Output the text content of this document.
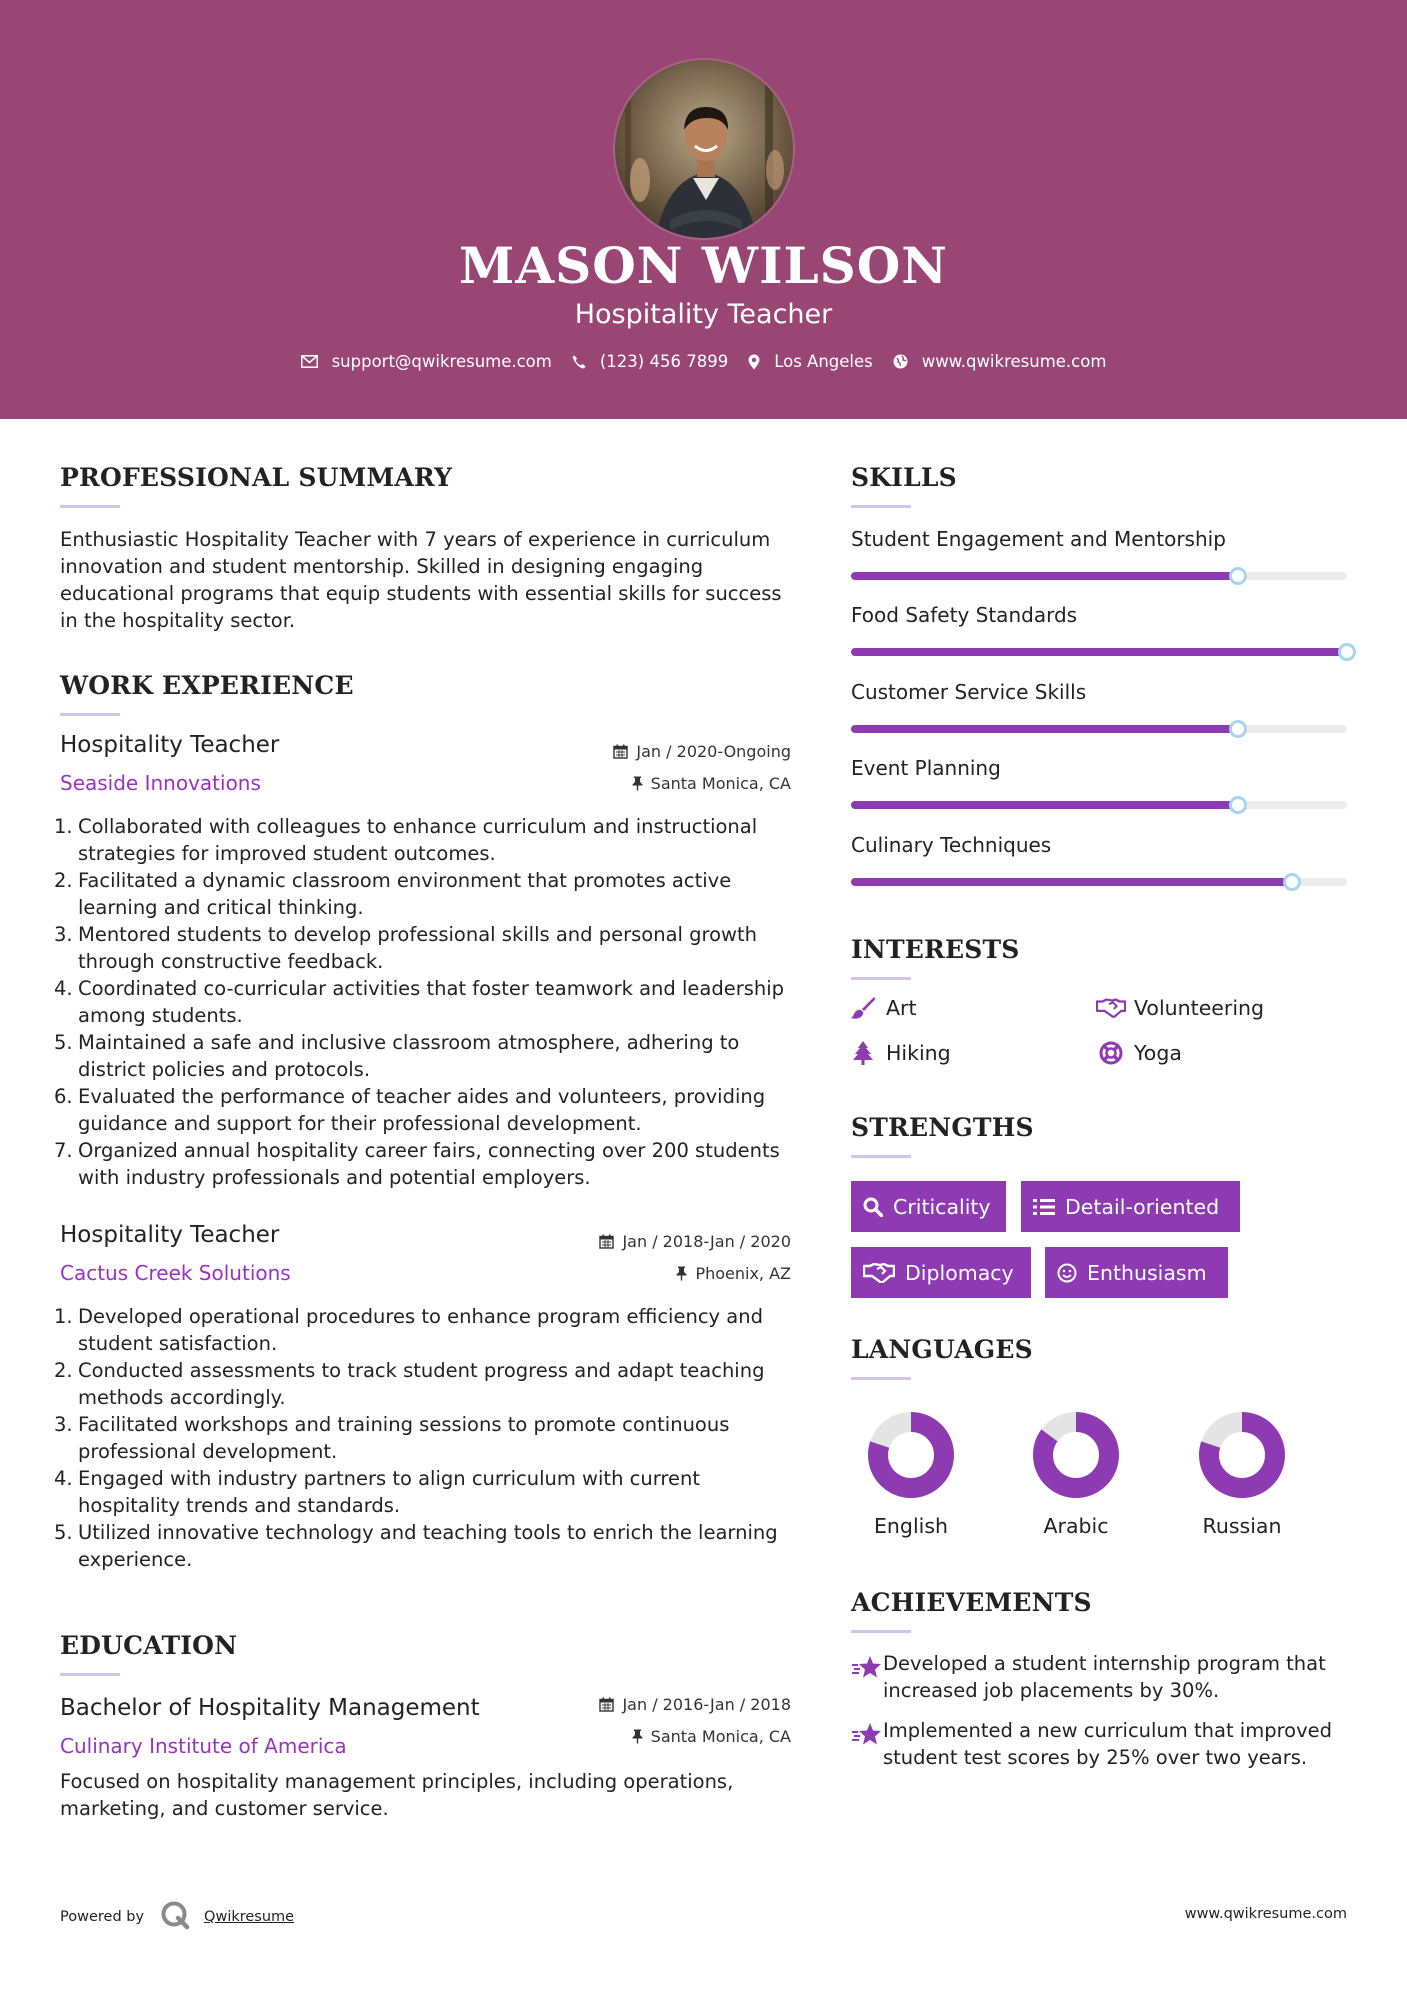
MASON WILSON
Hospitality Teacher
support@qwikresume.com	(123) 456 7899	Los Angeles	www.qwikresume.com
PROFESSIONAL SUMMARY
Enthusiastic Hospitality Teacher with 7 years of experience in curriculum innovation and student mentorship. Skilled in designing engaging educational programs that equip students with essential skills for success in the hospitality sector.
WORK EXPERIENCE
Hospitality Teacher
Seaside Innovations
Jan / 2020-Ongoing
Santa Monica, CA
1. Collaborated with colleagues to enhance curriculum and instructional strategies for improved student outcomes.
2. Facilitated a dynamic classroom environment that promotes active learning and critical thinking.
3. Mentored students to develop professional skills and personal growth through constructive feedback.
4. Coordinated co-curricular activities that foster teamwork and leadership among students.
5. Maintained a safe and inclusive classroom atmosphere, adhering to district policies and protocols.
6. Evaluated the performance of teacher aides and volunteers, providing guidance and support for their professional development.
7. Organized annual hospitality career fairs, connecting over 200 students with industry professionals and potential employers.
Hospitality Teacher
Cactus Creek Solutions
Jan / 2018-Jan / 2020
Phoenix, AZ
1. Developed operational procedures to enhance program efficiency and student satisfaction.
2. Conducted assessments to track student progress and adapt teaching methods accordingly.
3. Facilitated workshops and training sessions to promote continuous professional development.
4. Engaged with industry partners to align curriculum with current hospitality trends and standards.
5. Utilized innovative technology and teaching tools to enrich the learning experience.
EDUCATION
Bachelor of Hospitality Management
Culinary Institute of America
Jan / 2016-Jan / 2018
Santa Monica, CA
Focused on hospitality management principles, including operations, marketing, and customer service.
SKILLS
Student Engagement and Mentorship
Food Safety Standards
Customer Service Skills
Event Planning
Culinary Techniques
INTERESTS
Art	Volunteering
Hiking	Yoga
STRENGTHS
Criticality	Detail-oriented
Diplomacy	Enthusiasm
LANGUAGES
English	Arabic	Russian
ACHIEVEMENTS
Developed a student internship program that increased job placements by 30%.
Implemented a new curriculum that improved student test scores by 25% over two years.
Powered by	Qwikresume	www.qwikresume.com
